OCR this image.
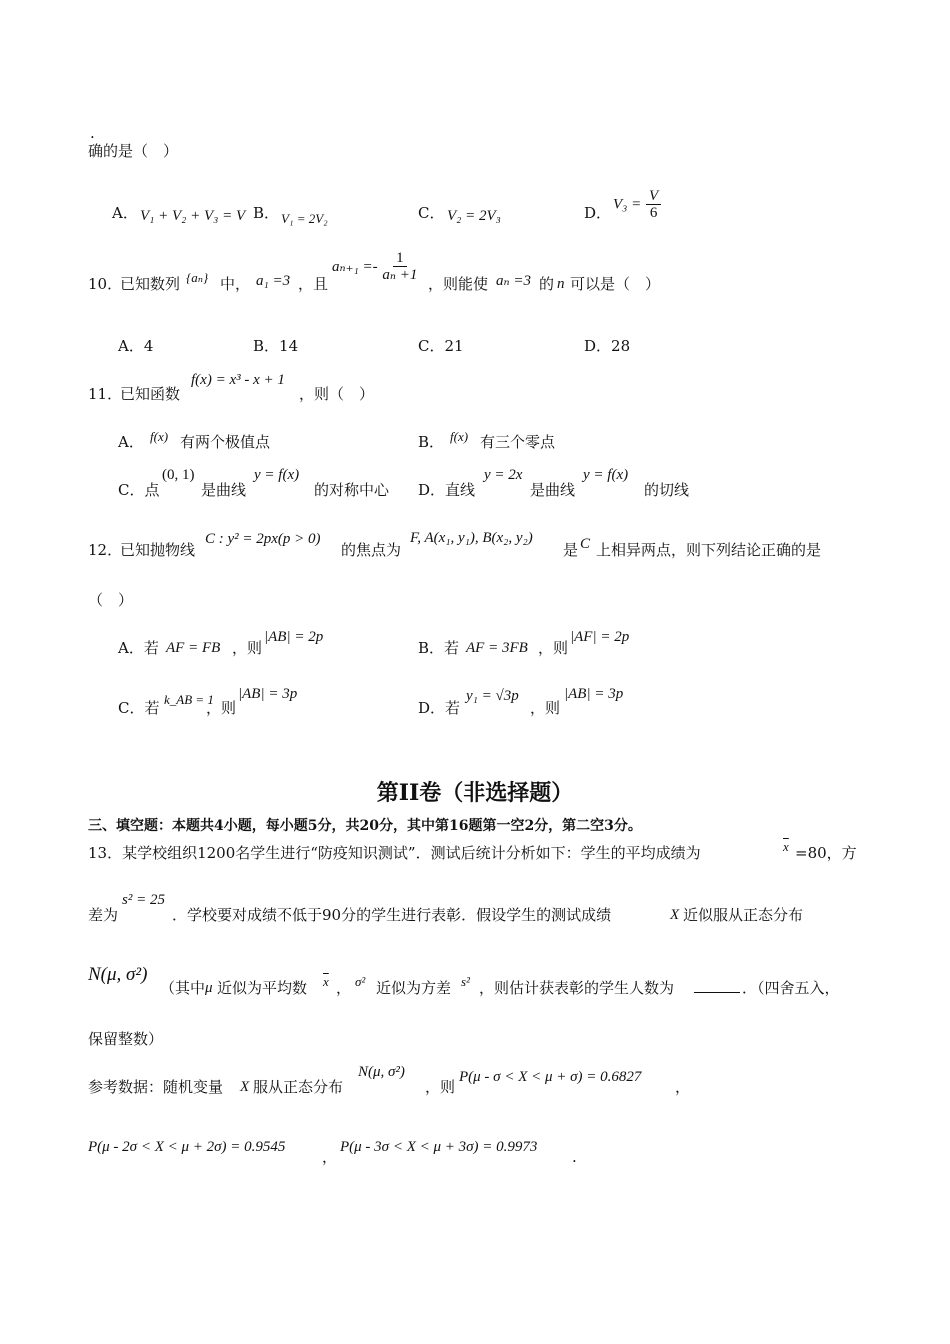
.
确的是（　）
A． V₁ + V₂ + V₃ = V B． V₁ = 2V₂	C． V₂ = 2V₃	D． $V_3 = \frac{V}{6}$
10．
已知数列 {aₙ} 中， a₁ =3 ，且
$a_{n+1} =- \frac{1}{\text{aₙ +1}}$
，则能使 aₙ =3 的 n 可以是（　）
A．4	B．14	C．21	D．28
11．
已知函数
f(x) = x³ - x + 1
，则（　）
A． f(x) 有两个极值点	B． f(x) 有三个零点
C．点
(0, 1)
是曲线
y = f(x)
的对称中心 D．直线
y = 2x
是曲线
y = f(x)
的切线
12．
已知抛物线
C : y² = 2px(p > 0)
的焦点为
F, A(x₁, y₁), B(x₂, y₂)
是 C 上相异两点，则下列结论正确的是
（　）
A．若 AF = FB ，则
|AB| = 2p
B．若 AF = 3FB ，则
|AF| = 2p
C．若 k_AB = 1
，则
|AB| = 3p
D．若
y₁ = √3p
，则
|AB| = 3p
第II卷（非选择题）
三、填空题：本题共4小题，每小题5分，共20分，其中第16题第一空2分，第二空3分。
13．某学校组织1200名学生进行“防疫知识测试”．测试后统计分析如下：学生的平均成绩为	$\overline{x} =80$，方
差为
s² = 25
．学校要对成绩不低于90分的学生进行表彰．假设学生的测试成绩	X 近似服从正态分布
N(μ, σ²)
（其中 μ 近似为平均数 $\overline{x}$ ， σ² 近似为方差 s² ，则估计获表彰的学生人数为	．（四舍五入，
保留整数）
参考数据：随机变量 X 服从正态分布
N(μ, σ²)
，则
P(μ - σ < X < μ + σ) = 0.6827
，
P(μ - 2σ < X < μ + 2σ) = 0.9545
，
P(μ - 3σ < X < μ + 3σ) = 0.9973
.
